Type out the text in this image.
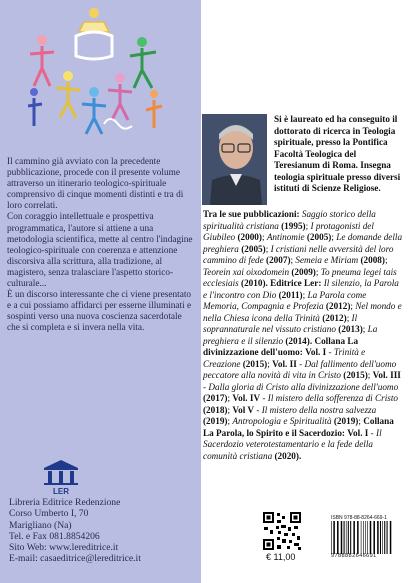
Il cammino già avviato con la precedente pubblicazione, procede con il presente volume attraverso un itinerario teologico-spirituale comprensivo di cinque momenti distinti e tra di loro correlati.

Con coraggio intellettuale e prospettiva programmatica, l'autore si attiene a una metodologia scientifica, mette al centro l'indagine teologico-spirituale con coerenza e attenzione discorsiva alla scrittura, alla tradizione, al magistero, senza tralasciare l'aspetto storico-culturale...

È un discorso interessante che ci viene presentato e a cui possiamo affidarci per esserne illuminati e sospinti verso una nuova coscienza sacerdotale che si completa e si invera nella vita.

LER
Libreria Editrice Redenzione
Corso Umberto I, 70
Marigliano (Na)
Tel. e Fax 081.8854206
Sito Web: www.lereditrice.it
E-mail: casaeditrice@lereditrice.it
Si è laureato ed ha conseguito il dottorato di ricerca in Teologia spirituale, presso la Pontifica Facoltà Teologica del Teresianum di Roma. Insegna teologia spirituale presso diversi istituti di Scienze Religiose.
Tra le sue pubblicazioni: Saggio storico della spiritualità cristiana (1995); I protagonisti del Giubileo (2000); Antinomie (2005); Le domande della preghiera (2005); I cristiani nelle avversità del loro cammino di fede (2007); Semeia e Miriam (2008); Teorein xai oixodomein (2009); To pneuma legei tais ecclesiais (2010). Editrice Ler: Il silenzio, la Parola e l'incontro con Dio (2011); La Parola come Memoria, Compagnia e Profezia (2012); Nel mondo e nella Chiesa icona della Trinità (2012); Il soprannaturale nel vissuto cristiano (2013); La preghiera e il silenzio (2014). Collana La divinizzazione dell'uomo: Vol. I - Trinità e Creazione (2015); Vol. II - Dal fallimento dell'uomo peccatore alla novità di vita in Cristo (2015); Vol. III - Dalla gloria di Cristo alla divinizzazione dell'uomo (2017); Vol. IV - Il mistero della sofferenza di Cristo (2018); Vol V - Il mistero della nostra salvezza (2019); Antropologia e Spiritualità (2019); Collana La Parola, lo Spirito e il Sacerdozio: Vol. I - Il Sacerdozio veterotestamentario e la fede della comunità cristiana (2020).
ISBN 978-88-8264-669-1
9788882646691
€ 11,00
